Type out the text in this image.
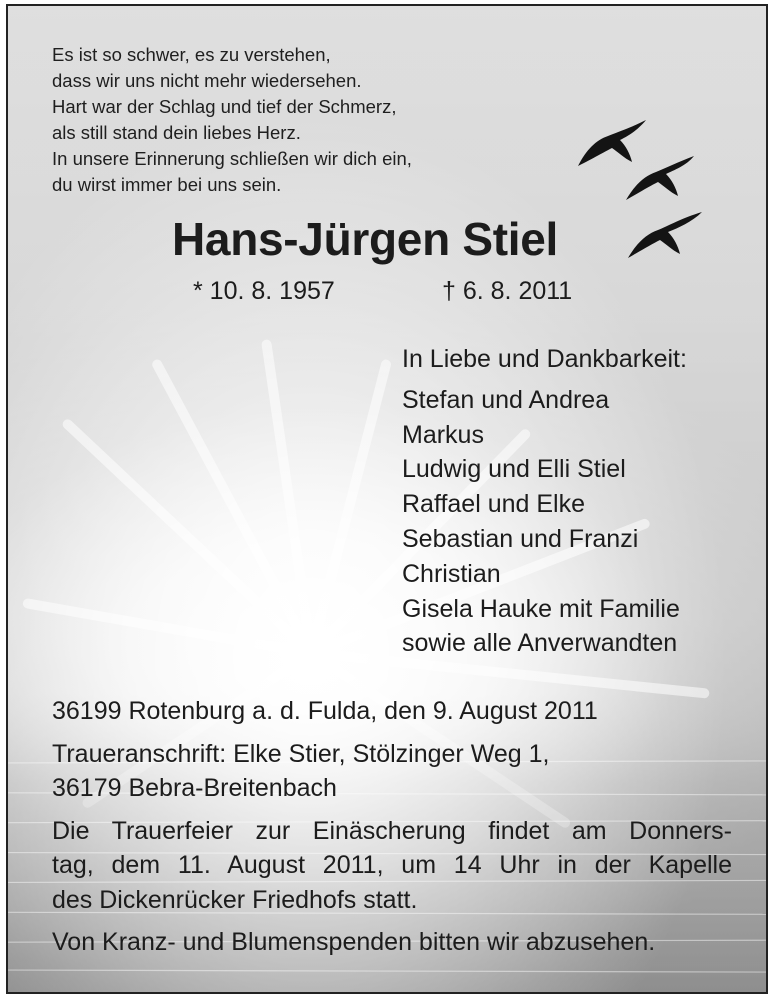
Es ist so schwer, es zu verstehen,
dass wir uns nicht mehr wiedersehen.
Hart war der Schlag und tief der Schmerz,
als still stand dein liebes Herz.
In unsere Erinnerung schließen wir dich ein,
du wirst immer bei uns sein.
Hans-Jürgen Stiel
* 10. 8. 1957	† 6. 8. 2011
In Liebe und Dankbarkeit:
Stefan und Andrea
Markus
Ludwig und Elli Stiel
Raffael und Elke
Sebastian und Franzi
Christian
Gisela Hauke mit Familie
sowie alle Anverwandten
36199 Rotenburg a. d. Fulda, den 9. August 2011
Traueranschrift: Elke Stier, Stölzinger Weg 1,
36179 Bebra-Breitenbach
Die Trauerfeier zur Einäscherung findet am Donners-
tag, dem 11. August 2011, um 14 Uhr in der Kapelle
des Dickenrücker Friedhofs statt.
Von Kranz- und Blumenspenden bitten wir abzusehen.
